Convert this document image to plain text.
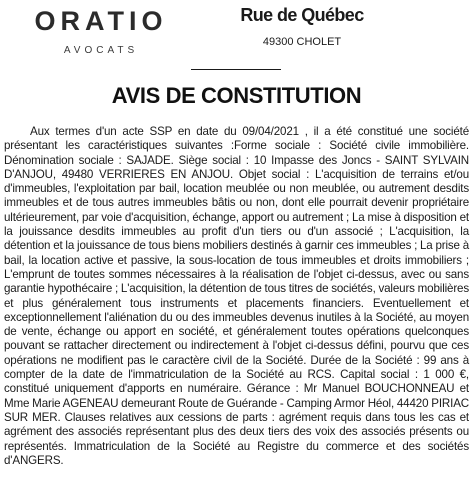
ORATIO
AVOCATS
Rue de Québec
49300 CHOLET
AVIS DE CONSTITUTION

Aux termes d'un acte SSP en date du 09/04/2021 , il a été constitué une société présentant les caractéristiques suivantes :Forme sociale : Société civile immobilière. Dénomination sociale : SAJADE. Siège social : 10 Impasse des Joncs - SAINT SYLVAIN D'ANJOU, 49480 VERRIERES EN ANJOU. Objet social : L'acquisition de terrains et/ou d'immeubles, l'exploitation par bail, location meublée ou non meublée, ou autrement desdits immeubles et de tous autres immeubles bâtis ou non, dont elle pourrait devenir propriétaire ultérieurement, par voie d'acquisition, échange, apport ou autrement ; La mise à disposition et la jouissance desdits immeubles au profit d'un tiers ou d'un associé ; L'acquisition, la détention et la jouissance de tous biens mobiliers destinés à garnir ces immeubles ; La prise à bail, la location active et passive, la sous-location de tous immeubles et droits immobiliers ; L'emprunt de toutes sommes nécessaires à la réalisation de l'objet ci-dessus, avec ou sans garantie hypothécaire ; L'acquisition, la détention de tous titres de sociétés, valeurs mobilières et plus généralement tous instruments et placements financiers. Eventuellement et exceptionnellement l'aliénation du ou des immeubles devenus inutiles à la Société, au moyen de vente, échange ou apport en société, et généralement toutes opérations quelconques pouvant se rattacher directement ou indirectement à l'objet ci-dessus défini, pourvu que ces opérations ne modifient pas le caractère civil de la Société. Durée de la Société : 99 ans à compter de la date de l'immatriculation de la Société au RCS. Capital social : 1 000 €, constitué uniquement d'apports en numéraire. Gérance : Mr Manuel BOUCHONNEAU et Mme Marie AGENEAU demeurant Route de Guérande - Camping Armor Héol, 44420 PIRIAC SUR MER. Clauses relatives aux cessions de parts : agrément requis dans tous les cas et agrément des associés représentant plus des deux tiers des voix des associés présents ou représentés. Immatriculation de la Société au Registre du commerce et des sociétés d'ANGERS.
